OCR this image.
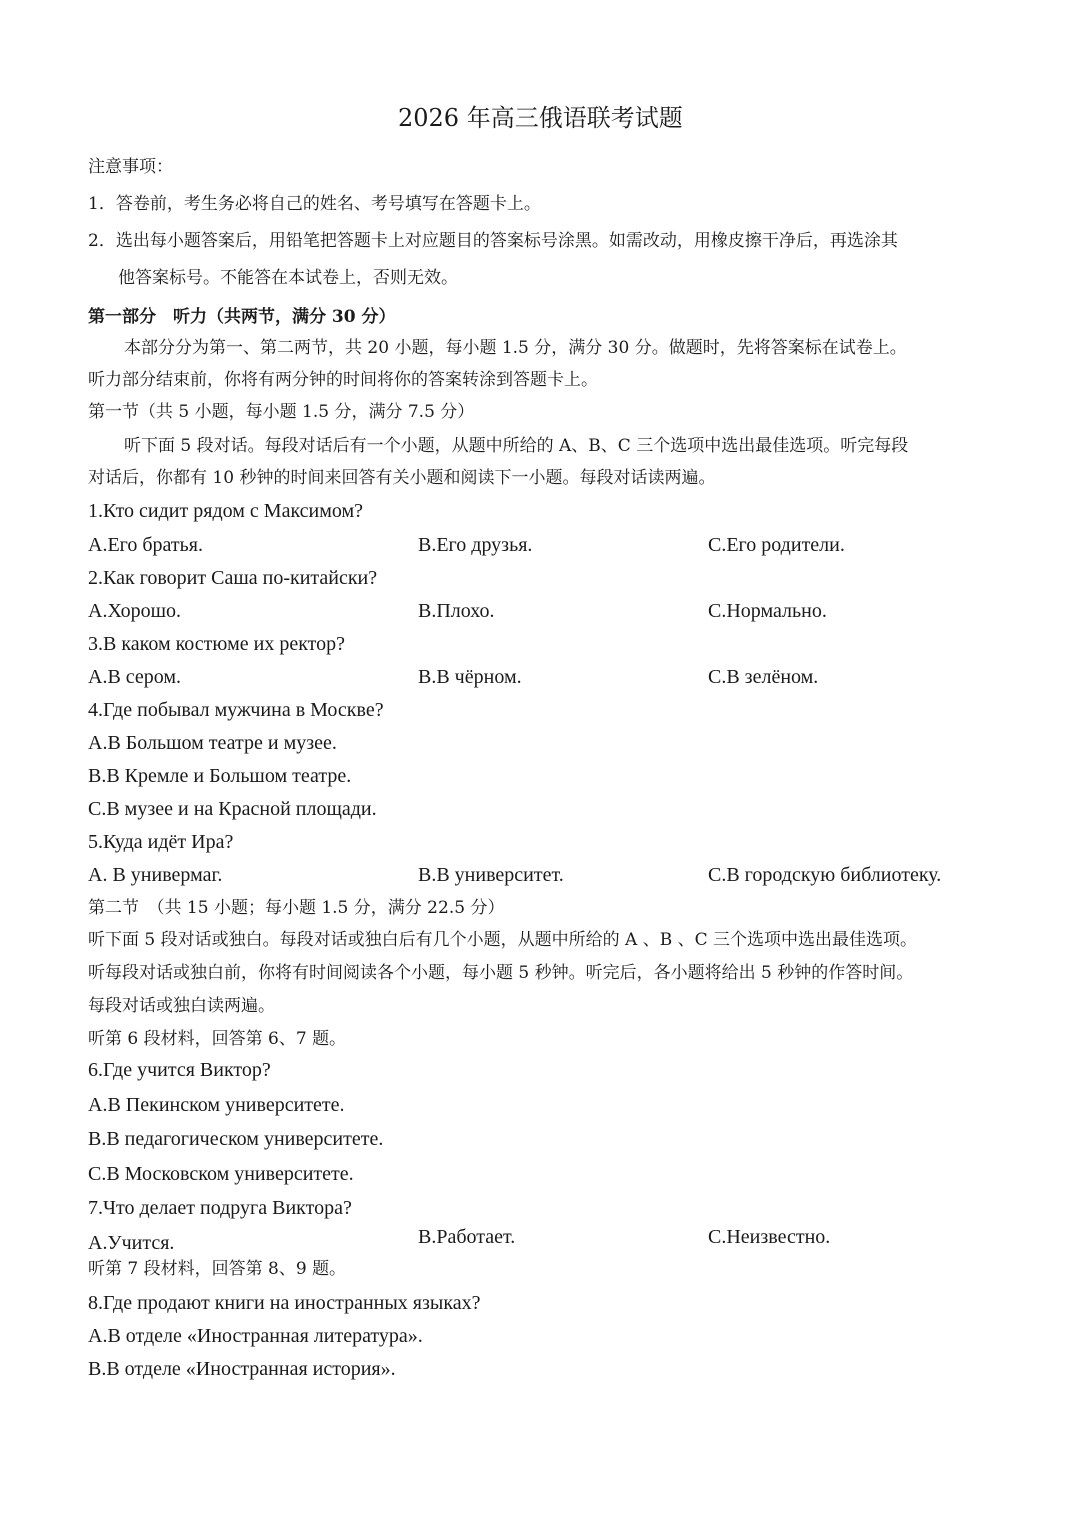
2026 年高三俄语联考试题
注意事项：
1．答卷前，考生务必将自己的姓名、考号填写在答题卡上。
2．选出每小题答案后，用铅笔把答题卡上对应题目的答案标号涂黑。如需改动，用橡皮擦干净后，再选涂其
他答案标号。不能答在本试卷上，否则无效。
第一部分　听力（共两节，满分 30 分）
本部分分为第一、第二两节，共 20 小题，每小题 1.5 分，满分 30 分。做题时，先将答案标在试卷上。
听力部分结束前，你将有两分钟的时间将你的答案转涂到答题卡上。
第一节（共 5 小题，每小题 1.5 分，满分 7.5 分）
听下面 5 段对话。每段对话后有一个小题，从题中所给的 A、B、C 三个选项中选出最佳选项。听完每段
对话后，你都有 10 秒钟的时间来回答有关小题和阅读下一小题。每段对话读两遍。
1.Кто сидит рядом с Максимом?
A.Его братья.	B.Его друзья.	C.Его родители.
2.Как говорит Саша по-китайски?
A.Хорошо.	B.Плохо.	C.Нормально.
3.В каком костюме их ректор?
A.В сером.	B.В чёрном.	C.В зелёном.
4.Где побывал мужчина в Москве?
A.В Большом театре и музее.
B.В Кремле и Большом театре.
C.В музее и на Красной площади.
5.Куда идёт Ира?
A. В универмаг.	B.В университет.	C.В городскую библиотеку.
第二节　（共 15 小题；每小题 1.5 分，满分 22.5 分）
听下面 5 段对话或独白。每段对话或独白后有几个小题，从题中所给的 A 、B 、C 三个选项中选出最佳选项。
听每段对话或独白前，你将有时间阅读各个小题，每小题 5 秒钟。听完后，各小题将给出 5 秒钟的作答时间。
每段对话或独白读两遍。
听第 6 段材料，回答第 6、7 题。
6.Где учится Виктор?
A.В Пекинском университете.
B.В педагогическом университете.
C.В Московском университете.
7.Что делает подруга Виктора?
A.Учится.	B.Работает.	C.Неизвестно.
听第 7 段材料，回答第 8、9 题。
8.Где продают книги на иностранных языках?
A.В отделе «Иностранная литература».
B.В отделе «Иностранная история».
